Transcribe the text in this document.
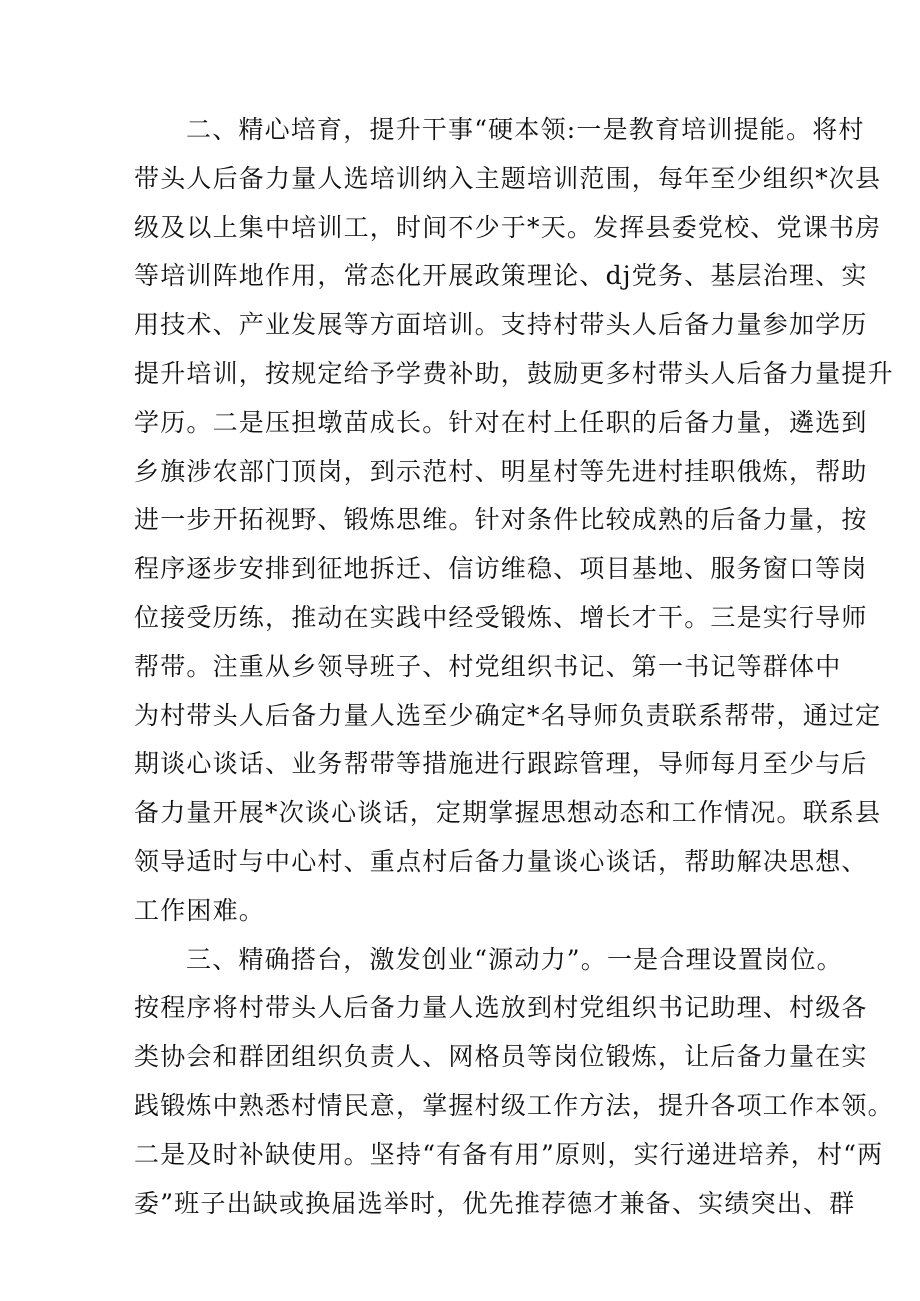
二、精心培育，提升干事“硬本领:一是教育培训提能。将村
带头人后备力量人选培训纳入主题培训范围，每年至少组织*次县
级及以上集中培训工，时间不少于*天。发挥县委党校、党课书房
等培训阵地作用，常态化开展政策理论、dj党务、基层治理、实
用技术、产业发展等方面培训。支持村带头人后备力量参加学历
提升培训，按规定给予学费补助，鼓励更多村带头人后备力量提升
学历。二是压担墩苗成长。针对在村上任职的后备力量，遴选到
乡旗涉农部门顶岗，到示范村、明星村等先进村挂职俄炼，帮助
进一步开拓视野、锻炼思维。针对条件比较成熟的后备力量，按
程序逐步安排到征地拆迁、信访维稳、项目基地、服务窗口等岗
位接受历练，推动在实践中经受锻炼、增长才干。三是实行导师
帮带。注重从乡领导班子、村党组织书记、第一书记等群体中
为村带头人后备力量人选至少确定*名导师负责联系帮带，通过定
期谈心谈话、业务帮带等措施进行跟踪管理，导师每月至少与后
备力量开展*次谈心谈话，定期掌握思想动态和工作情况。联系县
领导适时与中心村、重点村后备力量谈心谈话，帮助解决思想、
工作困难。
三、精确搭台，激发创业“源动力”。一是合理设置岗位。
按程序将村带头人后备力量人选放到村党组织书记助理、村级各
类协会和群团组织负责人、网格员等岗位锻炼，让后备力量在实
践锻炼中熟悉村情民意，掌握村级工作方法，提升各项工作本领。
二是及时补缺使用。坚持“有备有用”原则，实行递进培养，村“两
委”班子出缺或换届选举时，优先推荐德才兼备、实绩突出、群
